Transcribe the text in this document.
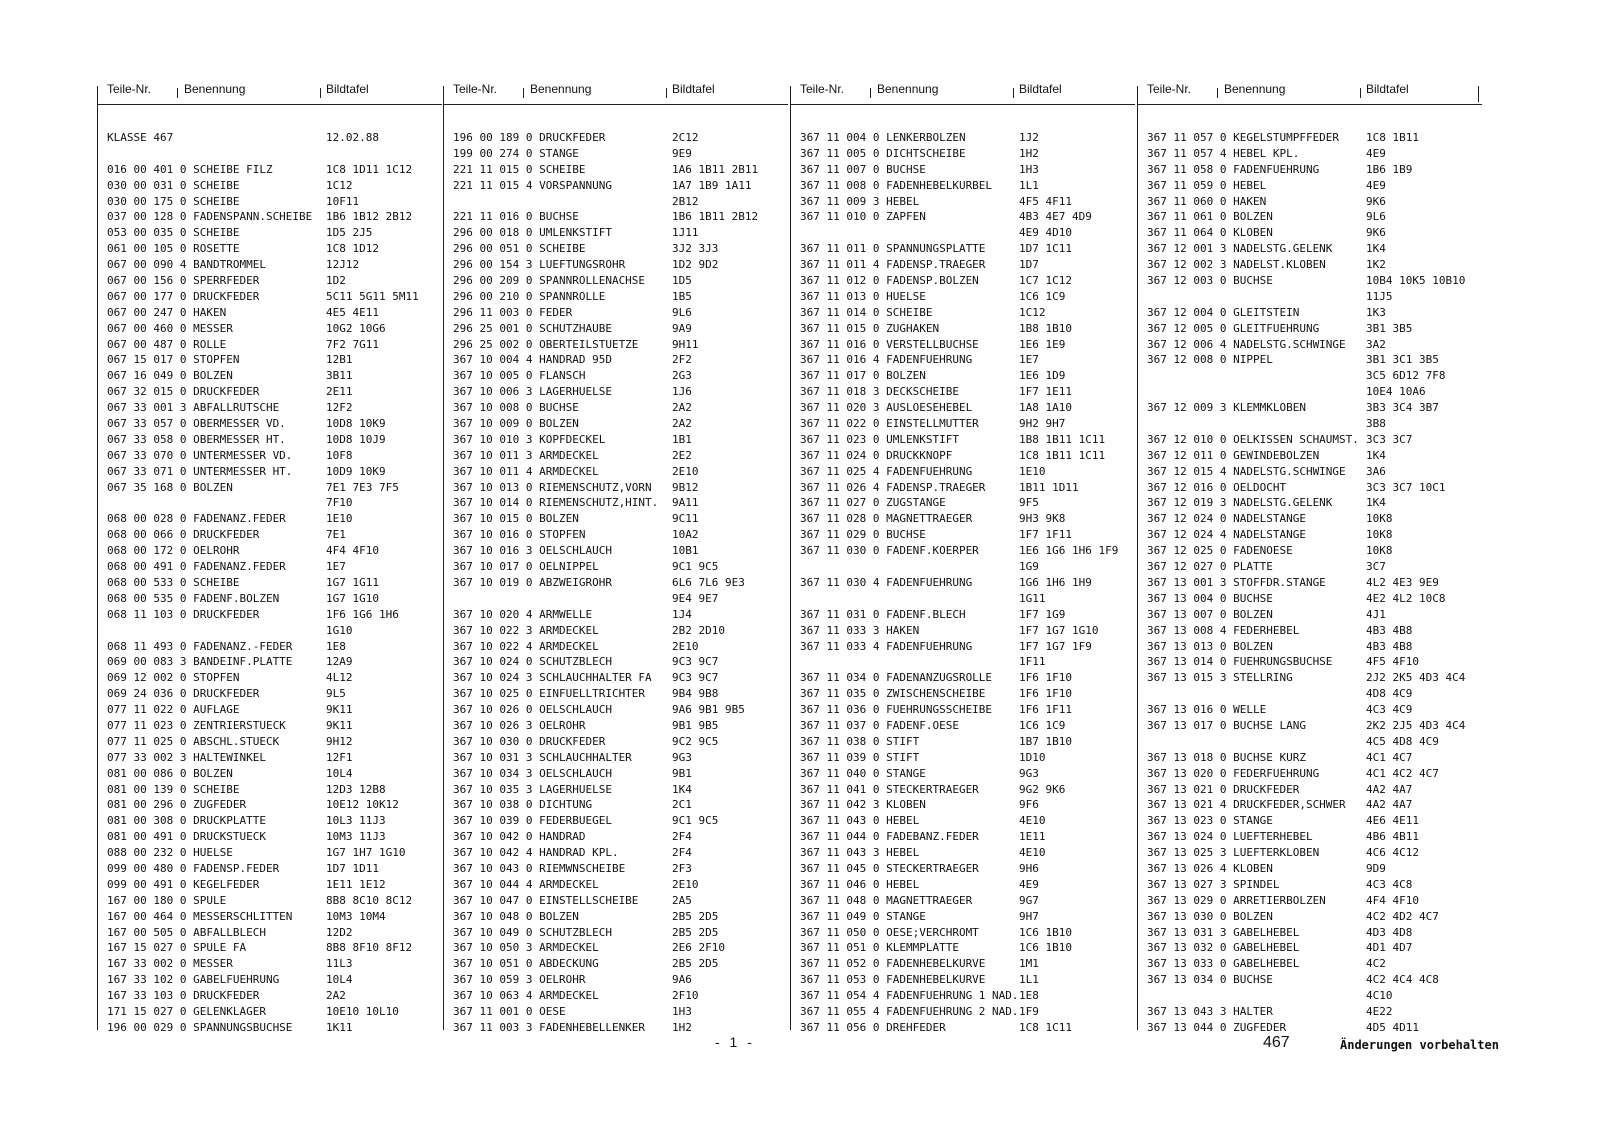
Teile-Nr.	Benennung	Bildtafel
KLASSE 467	12.02.88
016 00 401 0 SCHEIBE FILZ	1C8 1D11 1C12
030 00 031 0 SCHEIBE	1C12
030 00 175 0 SCHEIBE	10F11
037 00 128 0 FADENSPANN.SCHEIBE 1B6 1B12 2B12
053 00 035 0 SCHEIBE	1D5 2J5
061 00 105 0 ROSETTE	1C8 1D12
067 00 090 4 BANDTROMMEL	12J12
067 00 156 0 SPERRFEDER	1D2
067 00 177 0 DRUCKFEDER	5C11 5G11 5M11
067 00 247 0 HAKEN	4E5 4E11
067 00 460 0 MESSER	10G2 10G6
067 00 487 0 ROLLE	7F2 7G11
067 15 017 0 STOPFEN	12B1
067 16 049 0 BOLZEN	3B11
067 32 015 0 DRUCKFEDER	2E11
067 33 001 3 ABFALLRUTSCHE	12F2
067 33 057 0 OBERMESSER VD.	10D8 10K9
067 33 058 0 OBERMESSER HT.	10D8 10J9
067 33 070 0 UNTERMESSER VD.	10F8
067 33 071 0 UNTERMESSER HT.	10D9 10K9
067 35 168 0 BOLZEN	7E1 7E3 7F5
7F10
068 00 028 0 FADENANZ.FEDER	1E10
068 00 066 0 DRUCKFEDER	7E1
068 00 172 0 OELROHR	4F4 4F10
068 00 491 0 FADENANZ.FEDER	1E7
068 00 533 0 SCHEIBE	1G7 1G11
068 00 535 0 FADENF.BOLZEN	1G7 1G10
068 11 103 0 DRUCKFEDER	1F6 1G6 1H6
1G10
068 11 493 0 FADENANZ.-FEDER	1E8
069 00 083 3 BANDEINF.PLATTE	12A9
069 12 002 0 STOPFEN	4L12
069 24 036 0 DRUCKFEDER	9L5
077 11 022 0 AUFLAGE	9K11
077 11 023 0 ZENTRIERSTUECK	9K11
077 11 025 0 ABSCHL.STUECK	9H12
077 33 002 3 HALTEWINKEL	12F1
081 00 086 0 BOLZEN	10L4
081 00 139 0 SCHEIBE	12D3 12B8
081 00 296 0 ZUGFEDER	10E12 10K12
081 00 308 0 DRUCKPLATTE	10L3 11J3
081 00 491 0 DRUCKSTUECK	10M3 11J3
088 00 232 0 HUELSE	1G7 1H7 1G10
099 00 480 0 FADENSP.FEDER	1D7 1D11
099 00 491 0 KEGELFEDER	1E11 1E12
167 00 180 0 SPULE	8B8 8C10 8C12
167 00 464 0 MESSERSCHLITTEN	10M3 10M4
167 00 505 0 ABFALLBLECH	12D2
167 15 027 0 SPULE FA	8B8 8F10 8F12
167 33 002 0 MESSER	11L3
167 33 102 0 GABELFUEHRUNG	10L4
167 33 103 0 DRUCKFEDER	2A2
171 15 027 0 GELENKLAGER	10E10 10L10
196 00 029 0 SPANNUNGSBUCHSE	1K11
Teile-Nr.	Benennung	Bildtafel
196 00 189 0 DRUCKFEDER	2C12
199 00 274 0 STANGE	9E9
221 11 015 0 SCHEIBE	1A6 1B11 2B11
221 11 015 4 VORSPANNUNG	1A7 1B9 1A11
2B12
221 11 016 0 BUCHSE	1B6 1B11 2B12
296 00 018 0 UMLENKSTIFT	1J11
296 00 051 0 SCHEIBE	3J2 3J3
296 00 154 3 LUEFTUNGSROHR	1D2 9D2
296 00 209 0 SPANNROLLENACHSE 1D5
296 00 210 0 SPANNROLLE	1B5
296 11 003 0 FEDER	9L6
296 25 001 0 SCHUTZHAUBE	9A9
296 25 002 0 OBERTEILSTUETZE	9H11
367 10 004 4 HANDRAD 95D	2F2
367 10 005 0 FLANSCH	2G3
367 10 006 3 LAGERHUELSE	1J6
367 10 008 0 BUCHSE	2A2
367 10 009 0 BOLZEN	2A2
367 10 010 3 KOPFDECKEL	1B1
367 10 011 3 ARMDECKEL	2E2
367 10 011 4 ARMDECKEL	2E10
367 10 013 0 RIEMENSCHUTZ,VORN 9B12
367 10 014 0 RIEMENSCHUTZ,HINT. 9A11
367 10 015 0 BOLZEN	9C11
367 10 016 0 STOPFEN	10A2
367 10 016 3 OELSCHLAUCH	10B1
367 10 017 0 OELNIPPEL	9C1 9C5
367 10 019 0 ABZWEIGROHR	6L6 7L6 9E3
9E4 9E7
367 10 020 4 ARMWELLE	1J4
367 10 022 3 ARMDECKEL	2B2 2D10
367 10 022 4 ARMDECKEL	2E10
367 10 024 0 SCHUTZBLECH	9C3 9C7
367 10 024 3 SCHLAUCHHALTER FA 9C3 9C7
367 10 025 0 EINFUELLTRICHTER 9B4 9B8
367 10 026 0 OELSCHLAUCH	9A6 9B1 9B5
367 10 026 3 OELROHR	9B1 9B5
367 10 030 0 DRUCKFEDER	9C2 9C5
367 10 031 3 SCHLAUCHHALTER	9G3
367 10 034 3 OELSCHLAUCH	9B1
367 10 035 3 LAGERHUELSE	1K4
367 10 038 0 DICHTUNG	2C1
367 10 039 0 FEDERBUEGEL	9C1 9C5
367 10 042 0 HANDRAD	2F4
367 10 042 4 HANDRAD KPL.	2F4
367 10 043 0 RIEMWNSCHEIBE	2F3
367 10 044 4 ARMDECKEL	2E10
367 10 047 0 EINSTELLSCHEIBE	2A5
367 10 048 0 BOLZEN	2B5 2D5
367 10 049 0 SCHUTZBLECH	2B5 2D5
367 10 050 3 ARMDECKEL	2E6 2F10
367 10 051 0 ABDECKUNG	2B5 2D5
367 10 059 3 OELROHR	9A6
367 10 063 4 ARMDECKEL	2F10
367 11 001 0 OESE	1H3
367 11 003 3 FADENHEBELLENKER 1H2
Teile-Nr.	Benennung	Bildtafel
367 11 004 0 LENKERBOLZEN	1J2
367 11 005 0 DICHTSCHEIBE	1H2
367 11 007 0 BUCHSE	1H3
367 11 008 0 FADENHEBELKURBEL 1L1
367 11 009 3 HEBEL	4F5 4F11
367 11 010 0 ZAPFEN	4B3 4E7 4D9
4E9 4D10
367 11 011 0 SPANNUNGSPLATTE	1D7 1C11
367 11 011 4 FADENSP.TRAEGER	1D7
367 11 012 0 FADENSP.BOLZEN	1C7 1C12
367 11 013 0 HUELSE	1C6 1C9
367 11 014 0 SCHEIBE	1C12
367 11 015 0 ZUGHAKEN	1B8 1B10
367 11 016 0 VERSTELLBUCHSE	1E6 1E9
367 11 016 4 FADENFUEHRUNG	1E7
367 11 017 0 BOLZEN	1E6 1D9
367 11 018 3 DECKSCHEIBE	1F7 1E11
367 11 020 3 AUSLOESEHEBEL	1A8 1A10
367 11 022 0 EINSTELLMUTTER	9H2 9H7
367 11 023 0 UMLENKSTIFT	1B8 1B11 1C11
367 11 024 0 DRUCKKNOPF	1C8 1B11 1C11
367 11 025 4 FADENFUEHRUNG	1E10
367 11 026 4 FADENSP.TRAEGER	1B11 1D11
367 11 027 0 ZUGSTANGE	9F5
367 11 028 0 MAGNETTRAEGER	9H3 9K8
367 11 029 0 BUCHSE	1F7 1F11
367 11 030 0 FADENF.KOERPER	1E6 1G6 1H6 1F9
1G9
367 11 030 4 FADENFUEHRUNG	1G6 1H6 1H9
1G11
367 11 031 0 FADENF.BLECH	1F7 1G9
367 11 033 3 HAKEN	1F7 1G7 1G10
367 11 033 4 FADENFUEHRUNG	1F7 1G7 1F9
1F11
367 11 034 0 FADENANZUGSROLLE 1F6 1F10
367 11 035 0 ZWISCHENSCHEIBE	1F6 1F10
367 11 036 0 FUEHRUNGSSCHEIBE 1F6 1F11
367 11 037 0 FADENF.OESE	1C6 1C9
367 11 038 0 STIFT	1B7 1B10
367 11 039 0 STIFT	1D10
367 11 040 0 STANGE	9G3
367 11 041 0 STECKERTRAEGER	9G2 9K6
367 11 042 3 KLOBEN	9F6
367 11 043 0 HEBEL	4E10
367 11 044 0 FADEBANZ.FEDER	1E11
367 11 043 3 HEBEL	4E10
367 11 045 0 STECKERTRAEGER	9H6
367 11 046 0 HEBEL	4E9
367 11 048 0 MAGNETTRAEGER	9G7
367 11 049 0 STANGE	9H7
367 11 050 0 OESE;VERCHROMT	1C6 1B10
367 11 051 0 KLEMMPLATTE	1C6 1B10
367 11 052 0 FADENHEBELKURVE	1M1
367 11 053 0 FADENHEBELKURVE	1L1
367 11 054 4 FADENFUEHRUNG 1 NAD. 1E8
367 11 055 4 FADENFUEHRUNG 2 NAD. 1F9
367 11 056 0 DREHFEDER	1C8 1C11
Teile-Nr.	Benennung	Bildtafel
367 11 057 0 KEGELSTUMPFFEDER 1C8 1B11
367 11 057 4 HEBEL KPL.	4E9
367 11 058 0 FADENFUEHRUNG	1B6 1B9
367 11 059 0 HEBEL	4E9
367 11 060 0 HAKEN	9K6
367 11 061 0 BOLZEN	9L6
367 11 064 0 KLOBEN	9K6
367 12 001 3 NADELSTG.GELENK	1K4
367 12 002 3 NADELST.KLOBEN	1K2
367 12 003 0 BUCHSE	10B4 10K5 10B10
11J5
367 12 004 0 GLEITSTEIN	1K3
367 12 005 0 GLEITFUEHRUNG	3B1 3B5
367 12 006 4 NADELSTG.SCHWINGE 3A2
367 12 008 0 NIPPEL	3B1 3C1 3B5
3C5 6D12 7F8
10E4 10A6
367 12 009 3 KLEMMKLOBEN	3B3 3C4 3B7
3B8
367 12 010 0 OELKISSEN SCHAUMST. 3C3 3C7
367 12 011 0 GEWINDEBOLZEN	1K4
367 12 015 4 NADELSTG.SCHWINGE 3A6
367 12 016 0 OELDOCHT	3C3 3C7 10C1
367 12 019 3 NADELSTG.GELENK	1K4
367 12 024 0 NADELSTANGE	10K8
367 12 024 4 NADELSTANGE	10K8
367 12 025 0 FADENOESE	10K8
367 12 027 0 PLATTE	3C7
367 13 001 3 STOFFDR.STANGE	4L2 4E3 9E9
367 13 004 0 BUCHSE	4E2 4L2 10C8
367 13 007 0 BOLZEN	4J1
367 13 008 4 FEDERHEBEL	4B3 4B8
367 13 013 0 BOLZEN	4B3 4B8
367 13 014 0 FUEHRUNGSBUCHSE	4F5 4F10
367 13 015 3 STELLRING	2J2 2K5 4D3 4C4
4D8 4C9
367 13 016 0 WELLE	4C3 4C9
367 13 017 0 BUCHSE LANG	2K2 2J5 4D3 4C4
4C5 4D8 4C9
367 13 018 0 BUCHSE KURZ	4C1 4C7
367 13 020 0 FEDERFUEHRUNG	4C1 4C2 4C7
367 13 021 0 DRUCKFEDER	4A2 4A7
367 13 021 4 DRUCKFEDER,SCHWER 4A2 4A7
367 13 023 0 STANGE	4E6 4E11
367 13 024 0 LUEFTERHEBEL	4B6 4B11
367 13 025 3 LUEFTERKLOBEN	4C6 4C12
367 13 026 4 KLOBEN	9D9
367 13 027 3 SPINDEL	4C3 4C8
367 13 029 0 ARRETIERBOLZEN	4F4 4F10
367 13 030 0 BOLZEN	4C2 4D2 4C7
367 13 031 3 GABELHEBEL	4D3 4D8
367 13 032 0 GABELHEBEL	4D1 4D7
367 13 033 0 GABELHEBEL	4C2
367 13 034 0 BUCHSE	4C2 4C4 4C8
4C10
367 13 043 3 HALTER	4E22
367 13 044 0 ZUGFEDER	4D5 4D11
- 1 -	467	Änderungen vorbehalten
